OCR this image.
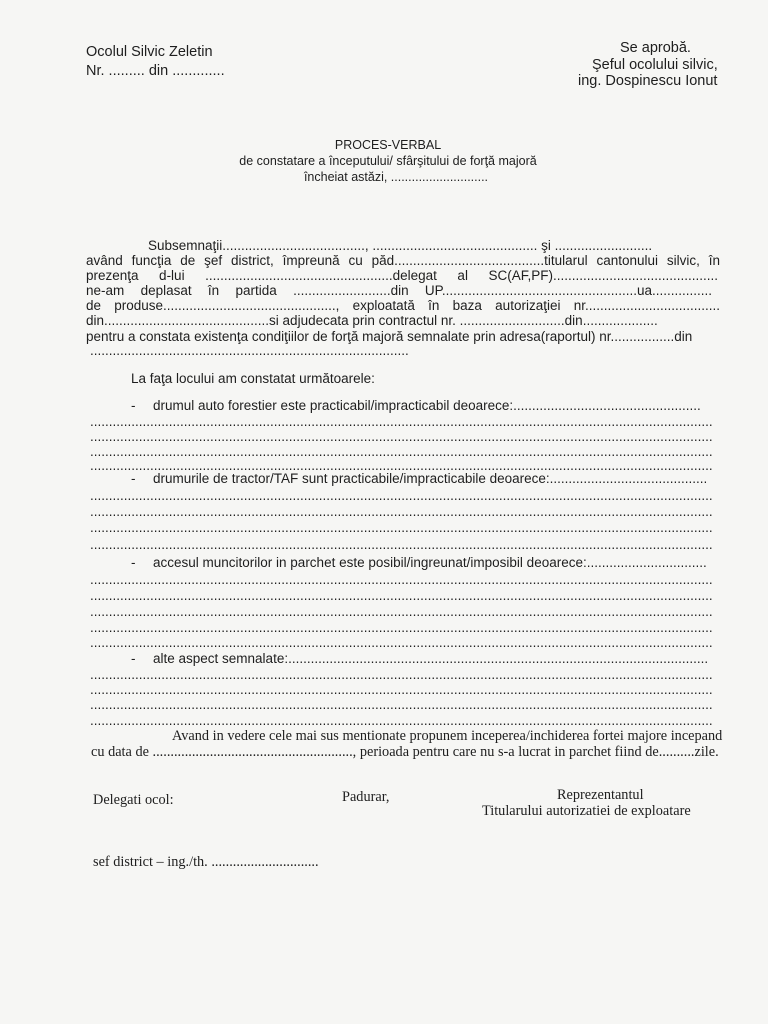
Ocolul Silvic Zeletin
Nr. ......... din .............
Se aprobă.
Şeful ocolului silvic,
ing. Dospinescu Ionut
PROCES-VERBAL
de constatare a începutului/ sfârşitului de forţă majoră
încheiat astăzi, ............................
Subsemnaţii......................................, ............................................ şi ..........................
având funcţia de şef district, împreună cu păd........................................titularul cantonului silvic, în
prezenţa d-lui ..................................................delegat al SC(AF,PF)............................................
ne-am deplasat în partida ..........................din UP....................................................ua................
de produse.............................................., exploatată în baza autorizaţiei nr....................................
din............................................si adjudecata prin contractul nr. ............................din....................
pentru a constata existenţa condiţiilor de forţă majoră semnalate prin adresa(raportul) nr.................din
.....................................................................................
La faţa locului am constatat următoarele:
- drumul auto forestier este practicabil/impracticabil deoarece:..................................................
......................................................................................................................................................................
......................................................................................................................................................................
......................................................................................................................................................................
......................................................................................................................................................................
- drumurile de tractor/TAF sunt practicabile/impracticabile deoarece:..........................................
......................................................................................................................................................................
......................................................................................................................................................................
......................................................................................................................................................................
......................................................................................................................................................................
- accesul muncitorilor in parchet este posibil/ingreunat/imposibil deoarece:................................
......................................................................................................................................................................
......................................................................................................................................................................
......................................................................................................................................................................
......................................................................................................................................................................
......................................................................................................................................................................
- alte aspect semnalate:................................................................................................................
......................................................................................................................................................................
......................................................................................................................................................................
......................................................................................................................................................................
......................................................................................................................................................................
Avand in vedere cele mai sus mentionate propunem inceperea/inchiderea fortei majore incepand
cu data de ........................................................, perioada pentru care nu s-a lucrat in parchet fiind de..........zile.
Delegati ocol:	Padurar,	Reprezentantul
Titularului autorizatiei de exploatare
sef district – ing./th. ..............................
